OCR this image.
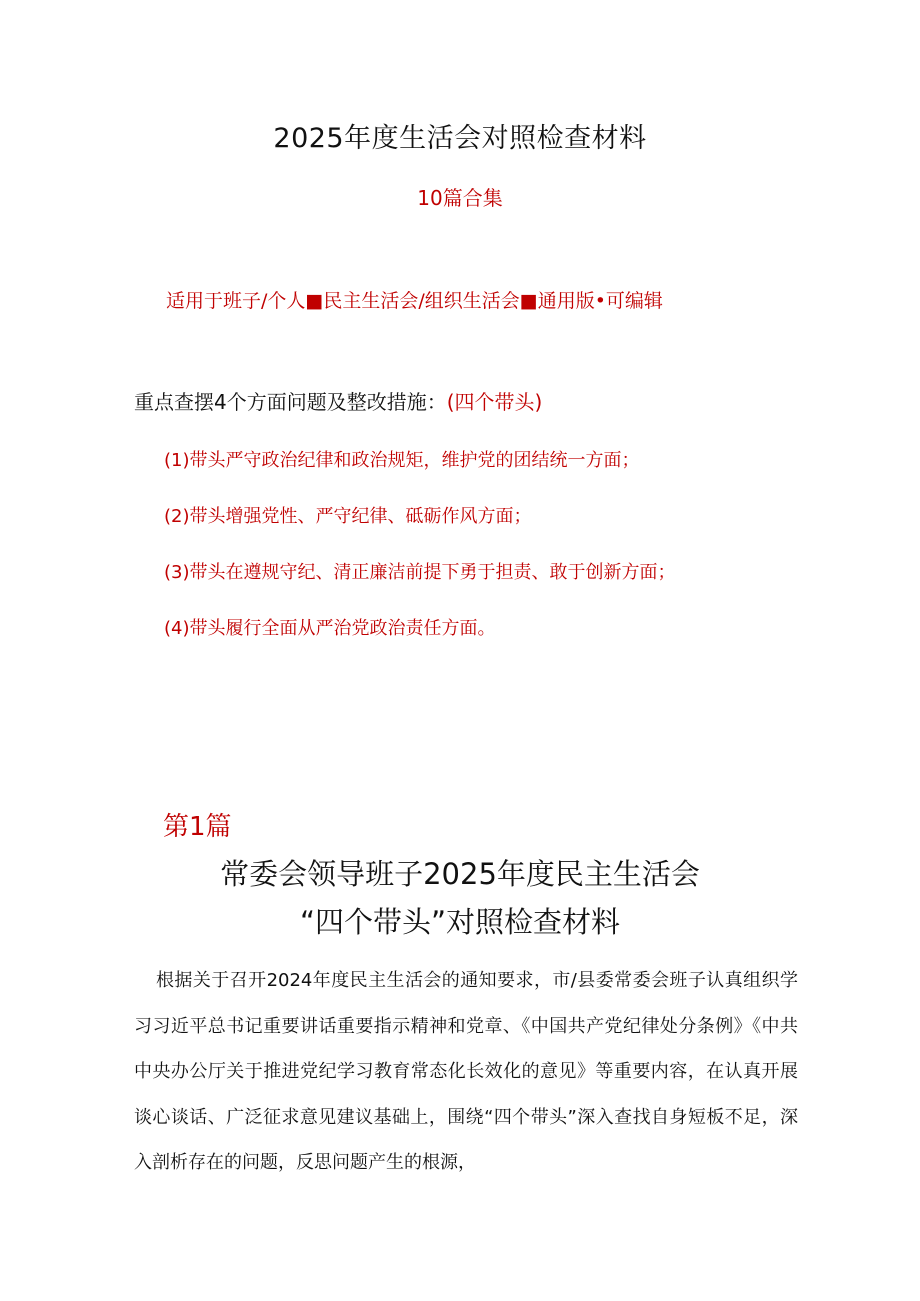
2025年度生活会对照检查材料
10篇合集
适用于班子/个人■民主生活会/组织生活会■通用版•可编辑
重点查摆4个方面问题及整改措施：(四个带头)
(1)带头严守政治纪律和政治规矩，维护党的团结统一方面；
(2)带头增强党性、严守纪律、砥砺作风方面；
(3)带头在遵规守纪、清正廉洁前提下勇于担责、敢于创新方面；
(4)带头履行全面从严治党政治责任方面。
第1篇
常委会领导班子2025年度民主生活会
“四个带头”对照检查材料
根据关于召开2024年度民主生活会的通知要求，市/县委常委会班子认真组织学习习近平总书记重要讲话重要指示精神和党章、《中国共产党纪律处分条例》《中共中央办公厅关于推进党纪学习教育常态化长效化的意见》等重要内容，在认真开展谈心谈话、广泛征求意见建议基础上，围绕“四个带头”深入查找自身短板不足，深入剖析存在的问题，反思问题产生的根源，
